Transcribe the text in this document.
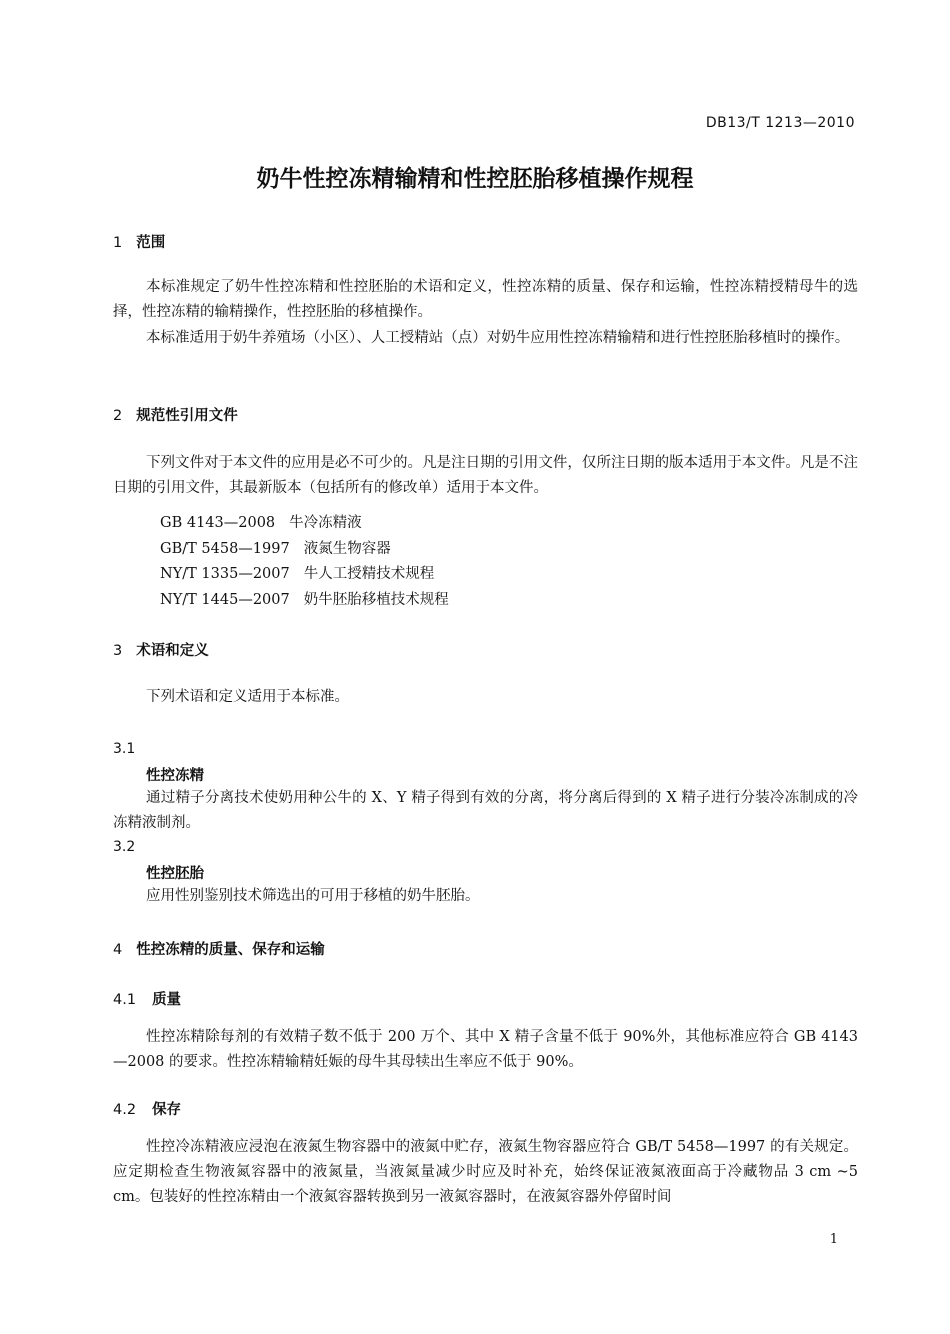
DB13/T 1213—2010
奶牛性控冻精输精和性控胚胎移植操作规程
1 范围
本标准规定了奶牛性控冻精和性控胚胎的术语和定义，性控冻精的质量、保存和运输，性控冻精授精母牛的选择，性控冻精的输精操作，性控胚胎的移植操作。
本标准适用于奶牛养殖场（小区）、人工授精站（点）对奶牛应用性控冻精输精和进行性控胚胎移植时的操作。
2 规范性引用文件
下列文件对于本文件的应用是必不可少的。凡是注日期的引用文件，仅所注日期的版本适用于本文件。凡是不注日期的引用文件，其最新版本（包括所有的修改单）适用于本文件。
GB 4143—2008 牛冷冻精液
GB/T 5458—1997 液氮生物容器
NY/T 1335—2007 牛人工授精技术规程
NY/T 1445—2007 奶牛胚胎移植技术规程
3 术语和定义
下列术语和定义适用于本标准。
3.1
性控冻精
通过精子分离技术使奶用种公牛的 X、Y 精子得到有效的分离，将分离后得到的 X 精子进行分装冷冻制成的冷冻精液制剂。
3.2
性控胚胎
应用性别鉴别技术筛选出的可用于移植的奶牛胚胎。
4 性控冻精的质量、保存和运输
4.1 质量
性控冻精除每剂的有效精子数不低于 200 万个、其中 X 精子含量不低于 90%外，其他标准应符合 GB 4143—2008 的要求。性控冻精输精妊娠的母牛其母犊出生率应不低于 90%。
4.2 保存
性控冷冻精液应浸泡在液氮生物容器中的液氮中贮存，液氮生物容器应符合 GB/T 5458—1997 的有关规定。应定期检查生物液氮容器中的液氮量，当液氮量减少时应及时补充，始终保证液氮液面高于冷藏物品 3 cm ~5 cm。包装好的性控冻精由一个液氮容器转换到另一液氮容器时，在液氮容器外停留时间
1
